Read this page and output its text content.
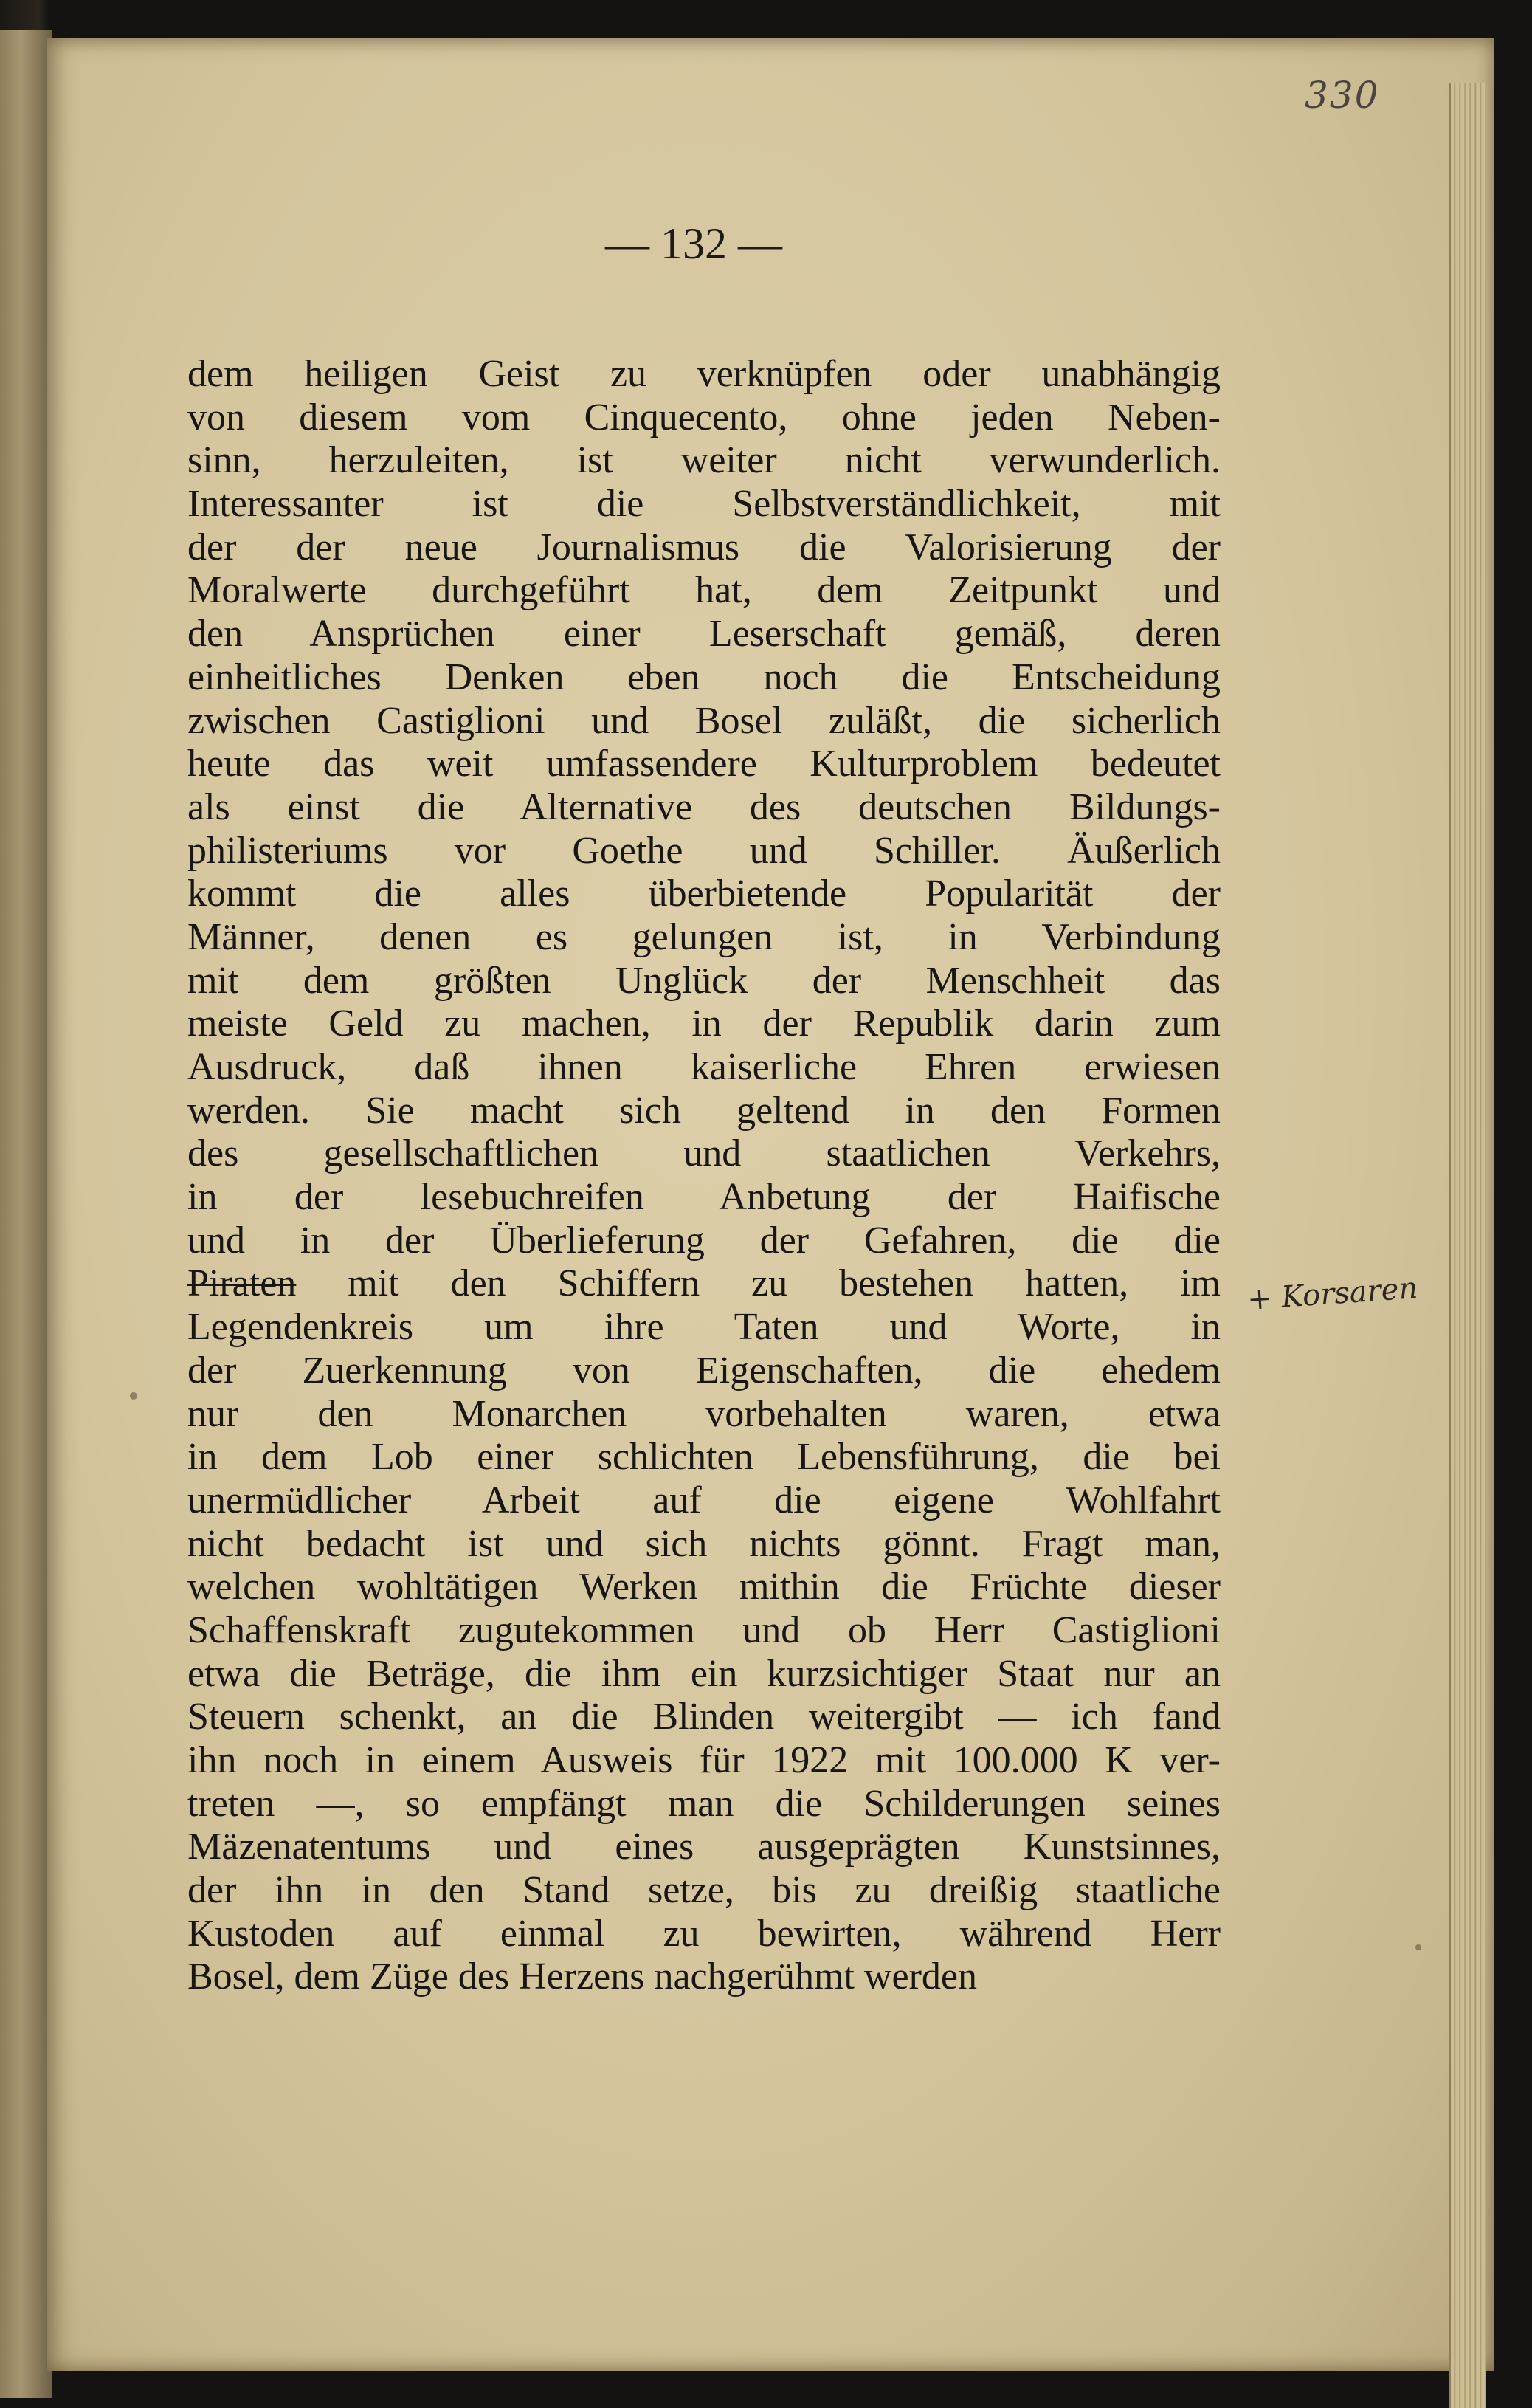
330
— 132 —
dem heiligen Geist zu verknüpfen oder unabhängig
von diesem vom Cinquecento, ohne jeden Neben-
sinn, herzuleiten, ist weiter nicht verwunderlich.
Interessanter ist die Selbstverständlichkeit, mit
der der neue Journalismus die Valorisierung der
Moralwerte durchgeführt hat, dem Zeitpunkt und
den Ansprüchen einer Leserschaft gemäß, deren
einheitliches Denken eben noch die Entscheidung
zwischen Castiglioni und Bosel zuläßt, die sicherlich
heute das weit umfassendere Kulturproblem bedeutet
als einst die Alternative des deutschen Bildungs-
philisteriums vor Goethe und Schiller. Äußerlich
kommt die alles überbietende Popularität der
Männer, denen es gelungen ist, in Verbindung
mit dem größten Unglück der Menschheit das
meiste Geld zu machen, in der Republik darin zum
Ausdruck, daß ihnen kaiserliche Ehren erwiesen
werden. Sie macht sich geltend in den Formen
des gesellschaftlichen und staatlichen Verkehrs,
in der lesebuchreifen Anbetung der Haifische
und in der Überlieferung der Gefahren, die die
Piraten mit den Schiffern zu bestehen hatten, im
Legendenkreis um ihre Taten und Worte, in
der Zuerkennung von Eigenschaften, die ehedem
nur den Monarchen vorbehalten waren, etwa
in dem Lob einer schlichten Lebensführung, die bei
unermüdlicher Arbeit auf die eigene Wohlfahrt
nicht bedacht ist und sich nichts gönnt. Fragt man,
welchen wohltätigen Werken mithin die Früchte dieser
Schaffenskraft zugutekommen und ob Herr Castiglioni
etwa die Beträge, die ihm ein kurzsichtiger Staat nur an
Steuern schenkt, an die Blinden weitergibt — ich fand
ihn noch in einem Ausweis für 1922 mit 100.000 K ver-
treten —, so empfängt man die Schilderungen seines
Mäzenatentums und eines ausgeprägten Kunstsinnes,
der ihn in den Stand setze, bis zu dreißig staatliche
Kustoden auf einmal zu bewirten, während Herr
Bosel, dem Züge des Herzens nachgerühmt werden
+ Korsaren
